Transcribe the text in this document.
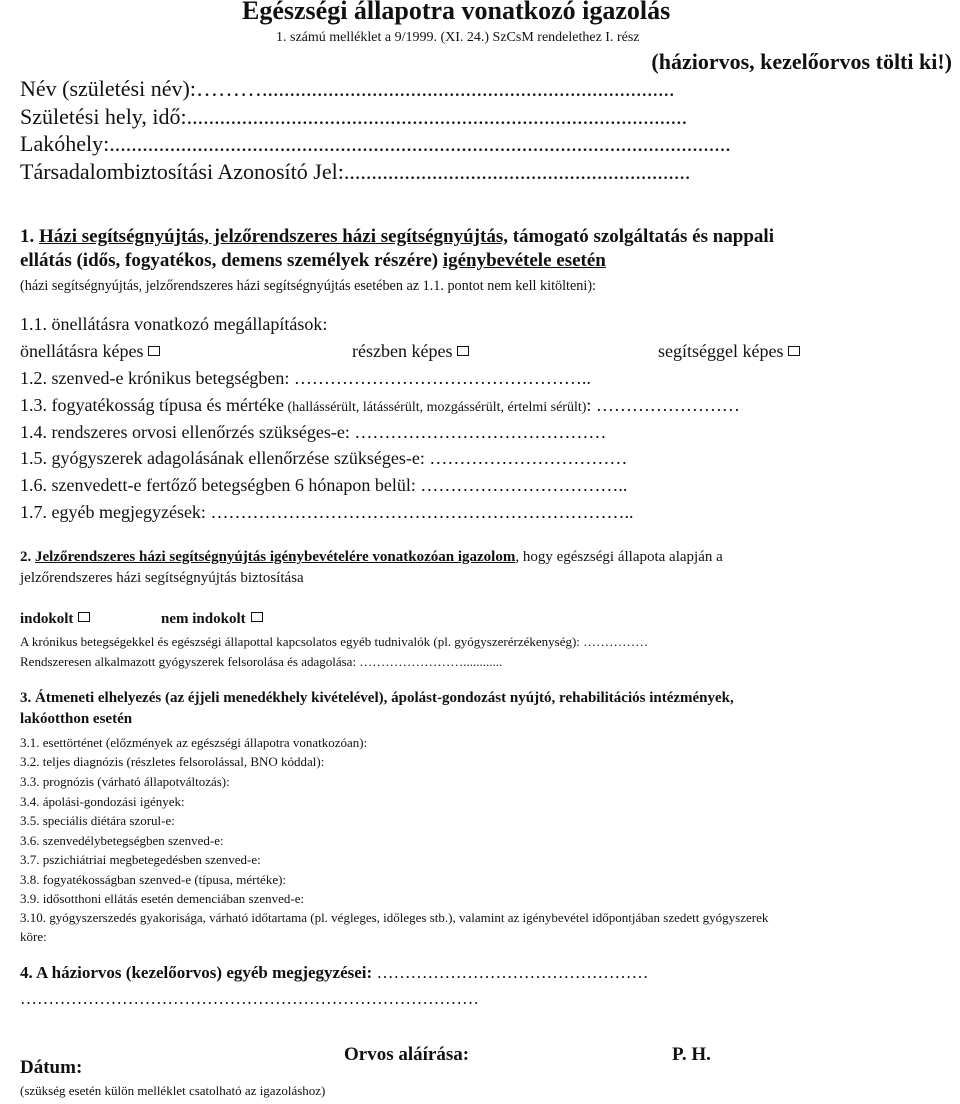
Egészségi állapotra vonatkozó igazolás
1. számú melléklet a 9/1999. (XI. 24.) SzCsM rendelethez I. rész
(háziorvos, kezelőorvos tölti ki!)
Név (születési név):………...........................................................................
Születési hely, idő:...........................................................................................
Lakóhely:.................................................................................................................
Társadalombiztosítási Azonosító Jel:...............................................................
1. Házi segítségnyújtás, jelzőrendszeres házi segítségnyújtás, támogató szolgáltatás és nappali
ellátás (idős, fogyatékos, demens személyek részére) igénybevétele esetén
(házi segítségnyújtás, jelzőrendszeres házi segítségnyújtás esetében az 1.1. pontot nem kell kitölteni):
1.1. önellátásra vonatkozó megállapítások:
önellátásra képes	részben képes	segítséggel képes
1.2. szenved-e krónikus betegségben: …………………………………………..
1.3. fogyatékosság típusa és mértéke (hallássérült, látássérült, mozgássérült, értelmi sérült): ……………………
1.4. rendszeres orvosi ellenőrzés szükséges-e: ……………………………………
1.5. gyógyszerek adagolásának ellenőrzése szükséges-e: ……………………………
1.6. szenvedett-e fertőző betegségben 6 hónapon belül: ……………………………..
1.7. egyéb megjegyzések: ……………………………………………………………..
2. Jelzőrendszeres házi segítségnyújtás igénybevételére vonatkozóan igazolom, hogy egészségi állapota alapján a
jelzőrendszeres házi segítségnyújtás biztosítása
indokolt	nem indokolt
A krónikus betegségekkel és egészségi állapottal kapcsolatos egyéb tudnivalók (pl. gyógyszerérzékenység): ……………
Rendszeresen alkalmazott gyógyszerek felsorolása és adagolása: ……………………............
3. Átmeneti elhelyezés (az éjjeli menedékhely kivételével), ápolást-gondozást nyújtó, rehabilitációs intézmények,
lakóotthon esetén
3.1. esettörténet (előzmények az egészségi állapotra vonatkozóan):
3.2. teljes diagnózis (részletes felsorolással, BNO kóddal):
3.3. prognózis (várható állapotváltozás):
3.4. ápolási-gondozási igények:
3.5. speciális diétára szorul-e:
3.6. szenvedélybetegségben szenved-e:
3.7. pszichiátriai megbetegedésben szenved-e:
3.8. fogyatékosságban szenved-e (típusa, mértéke):
3.9. idősotthoni ellátás esetén demenciában szenved-e:
3.10. gyógyszerszedés gyakorisága, várható időtartama (pl. végleges, időleges stb.), valamint az igénybevétel időpontjában szedett gyógyszerek
köre:
4. A háziorvos (kezelőorvos) egyéb megjegyzései: …………………………………………
………………………………………………………………………
Orvos aláírása:	P. H.
Dátum:
(szükség esetén külön melléklet csatolható az igazoláshoz)
